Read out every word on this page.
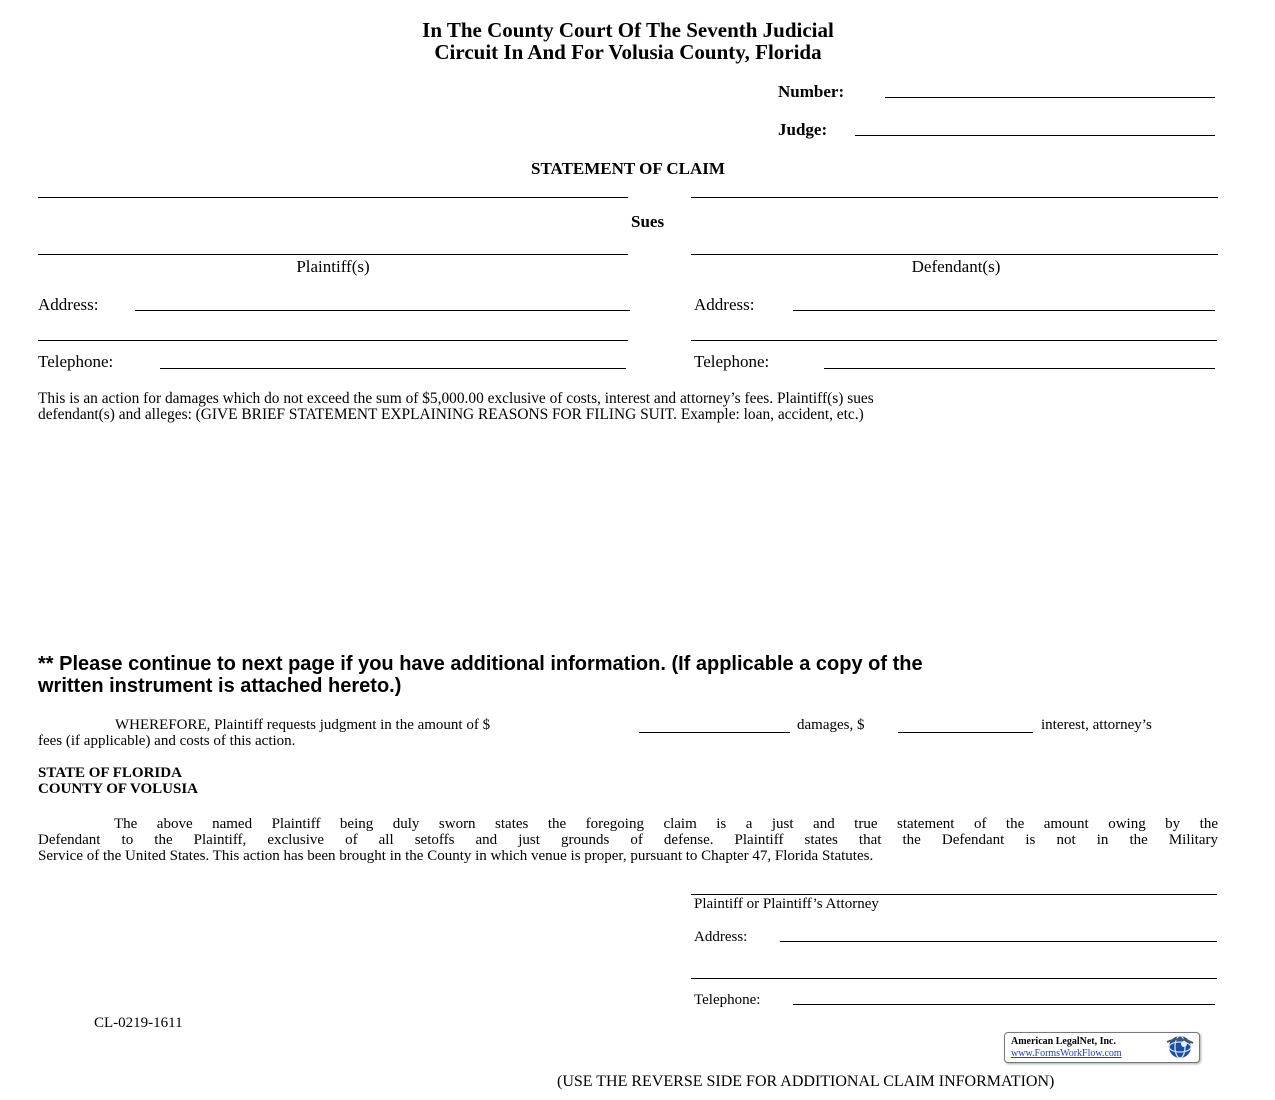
In The County Court Of The Seventh Judicial
Circuit In And For Volusia County, Florida
Number:
Judge:
STATEMENT OF CLAIM
Sues
Plaintiff(s)	Defendant(s)
Address:
Telephone:
Address:
Telephone:
This is an action for damages which do not exceed the sum of $5,000.00 exclusive of costs, interest and attorney’s fees. Plaintiff(s) sues
defendant(s) and alleges: (GIVE BRIEF STATEMENT EXPLAINING REASONS FOR FILING SUIT. Example: loan, accident, etc.)
** Please continue to next page if you have additional information. (If applicable a copy of the
written instrument is attached hereto.)
WHEREFORE, Plaintiff requests judgment in the amount of $	damages, $	interest, attorney’s
fees (if applicable) and costs of this action.
STATE OF FLORIDA
COUNTY OF VOLUSIA
The above named Plaintiff being duly sworn states the foregoing claim is a just and true statement of the amount owing by the
Defendant to the Plaintiff, exclusive of all setoffs and just grounds of defense. Plaintiff states that the Defendant is not in the Military
Service of the United States. This action has been brought in the County in which venue is proper, pursuant to Chapter 47, Florida Statutes.
Plaintiff or Plaintiff’s Attorney
Address:
Telephone:
CL-0219-1611
American LegalNet, Inc.
www.FormsWorkFlow.com
(USE THE REVERSE SIDE FOR ADDITIONAL CLAIM INFORMATION)
